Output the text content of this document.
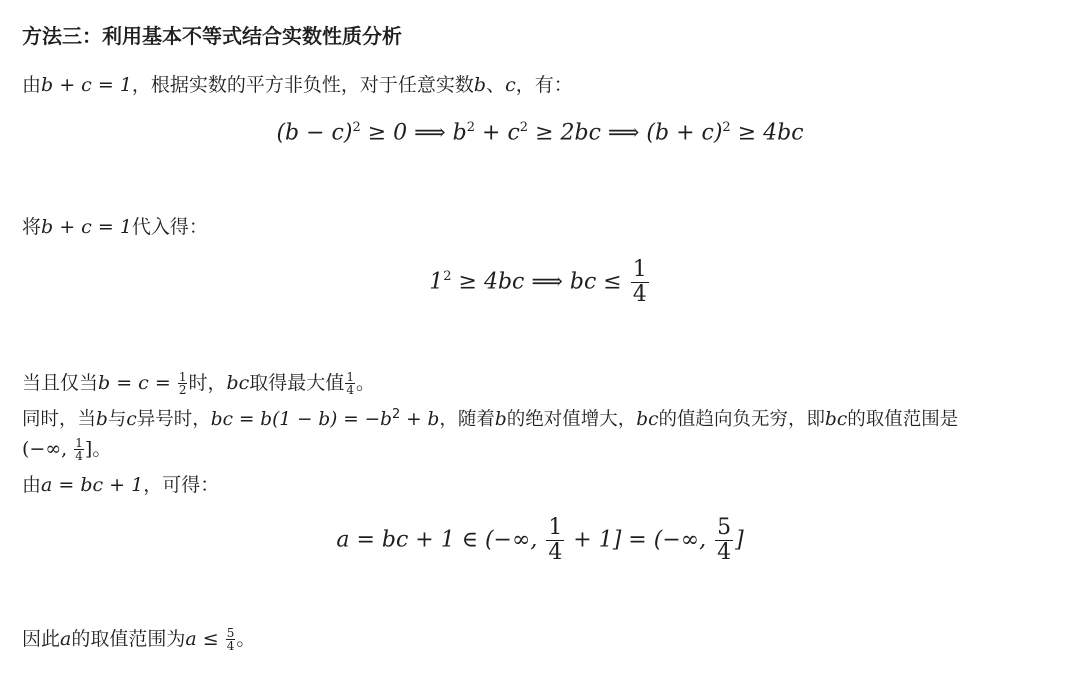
方法三：利用基本不等式结合实数性质分析
由b + c = 1，根据实数的平方非负性，对于任意实数b、c，有：
$(b - c)^2 \ge 0$ ⟹ $b^2 + c^2 \ge 2bc$ ⟹ $(b + c)^2 \ge 4bc$
将b + c = 1代入得：
$1^2 \ge 4bc$ ⟹ bc ≤ $\frac{1}{4}$
当且仅当$b = c = \frac{1}{2}$ 时，bc取得最大值 $\frac{1}{4}$ 。
同时，当b与c异号时，bc = $b(1 - b) = -b^2 + b$，随着b的绝对值增大，bc的值趋向负无穷，即bc的取值范围是
(−∞, $\frac{1}{4}$ ]。
由a = bc + 1，可得：
a = bc + 1 ∈ (−∞, $\frac{1}{4} + 1$] = (−∞, $\frac{5}{4}$ ]
因此a的取值范围为$a \le \frac{5}{4}$ 。
